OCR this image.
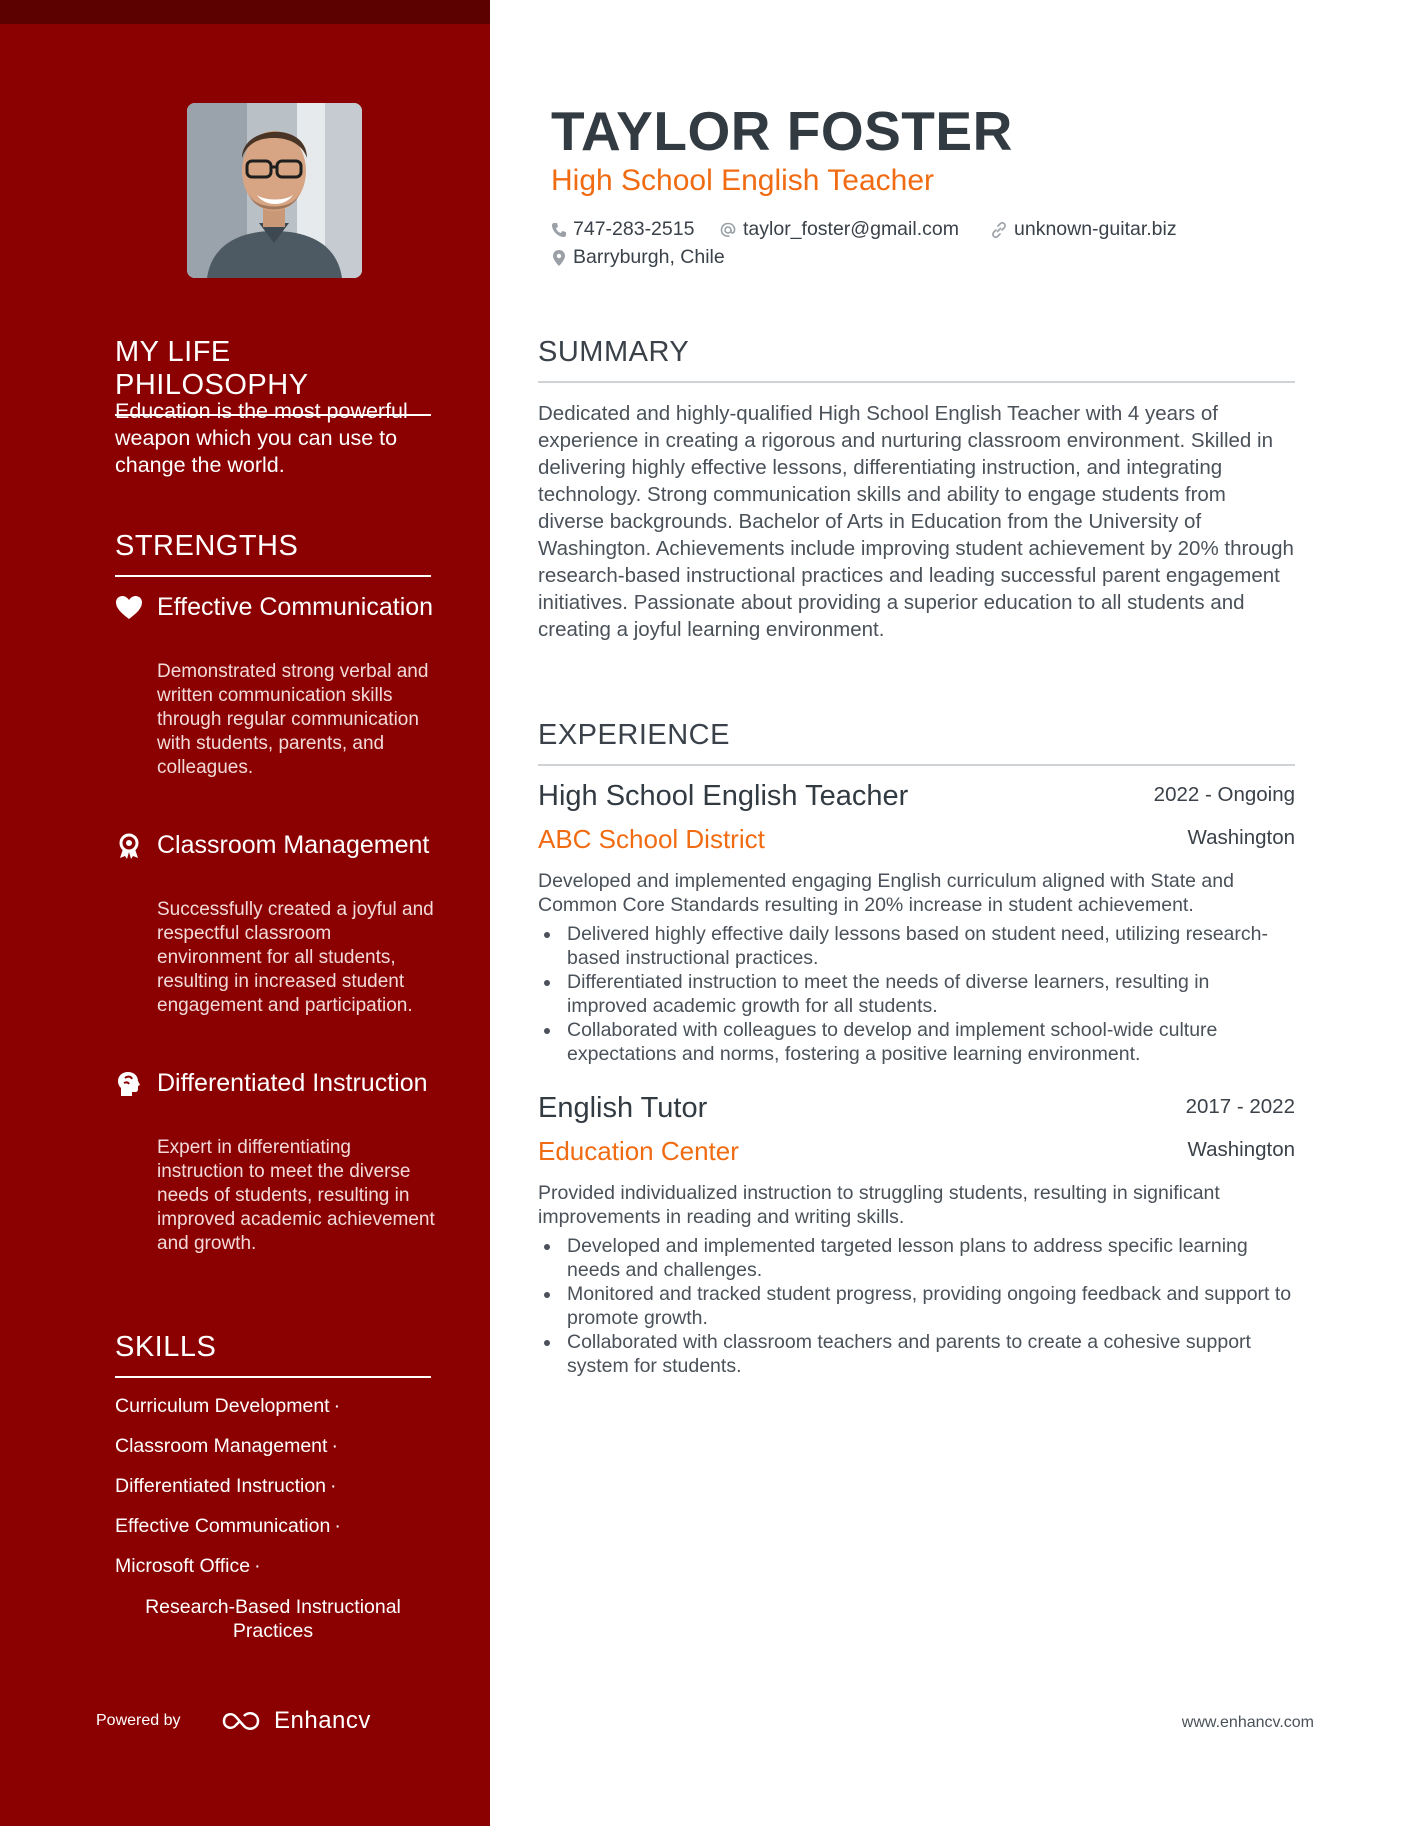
MY LIFE PHILOSOPHY
Education is the most powerful weapon which you can use to change the world.
STRENGTHS
Effective Communication
Demonstrated strong verbal and written communication skills through regular communication with students, parents, and colleagues.
Classroom Management
Successfully created a joyful and respectful classroom environment for all students, resulting in increased student engagement and participation.
Differentiated Instruction
Expert in differentiating instruction to meet the diverse needs of students, resulting in improved academic achievement and growth.
SKILLS
Curriculum Development ·
Classroom Management ·
Differentiated Instruction ·
Effective Communication ·
Microsoft Office ·
Research-Based Instructional Practices
Powered by	Enhancv
TAYLOR FOSTER
High School English Teacher
747-283-2515 taylor_foster@gmail.com	unknown-guitar.biz
Barryburgh, Chile
SUMMARY
Dedicated and highly-qualified High School English Teacher with 4 years of experience in creating a rigorous and nurturing classroom environment. Skilled in delivering highly effective lessons, differentiating instruction, and integrating technology. Strong communication skills and ability to engage students from diverse backgrounds. Bachelor of Arts in Education from the University of Washington. Achievements include improving student achievement by 20% through research-based instructional practices and leading successful parent engagement initiatives. Passionate about providing a superior education to all students and creating a joyful learning environment.
EXPERIENCE
High School English Teacher	2022 - Ongoing
ABC School District	Washington
Developed and implemented engaging English curriculum aligned with State and Common Core Standards resulting in 20% increase in student achievement.
Delivered highly effective daily lessons based on student need, utilizing research-based instructional practices.
Differentiated instruction to meet the needs of diverse learners, resulting in improved academic growth for all students.
Collaborated with colleagues to develop and implement school-wide culture expectations and norms, fostering a positive learning environment.
English Tutor	2017 - 2022
Education Center	Washington
Provided individualized instruction to struggling students, resulting in significant improvements in reading and writing skills.
Developed and implemented targeted lesson plans to address specific learning needs and challenges.
Monitored and tracked student progress, providing ongoing feedback and support to promote growth.
Collaborated with classroom teachers and parents to create a cohesive support system for students.
www.enhancv.com
